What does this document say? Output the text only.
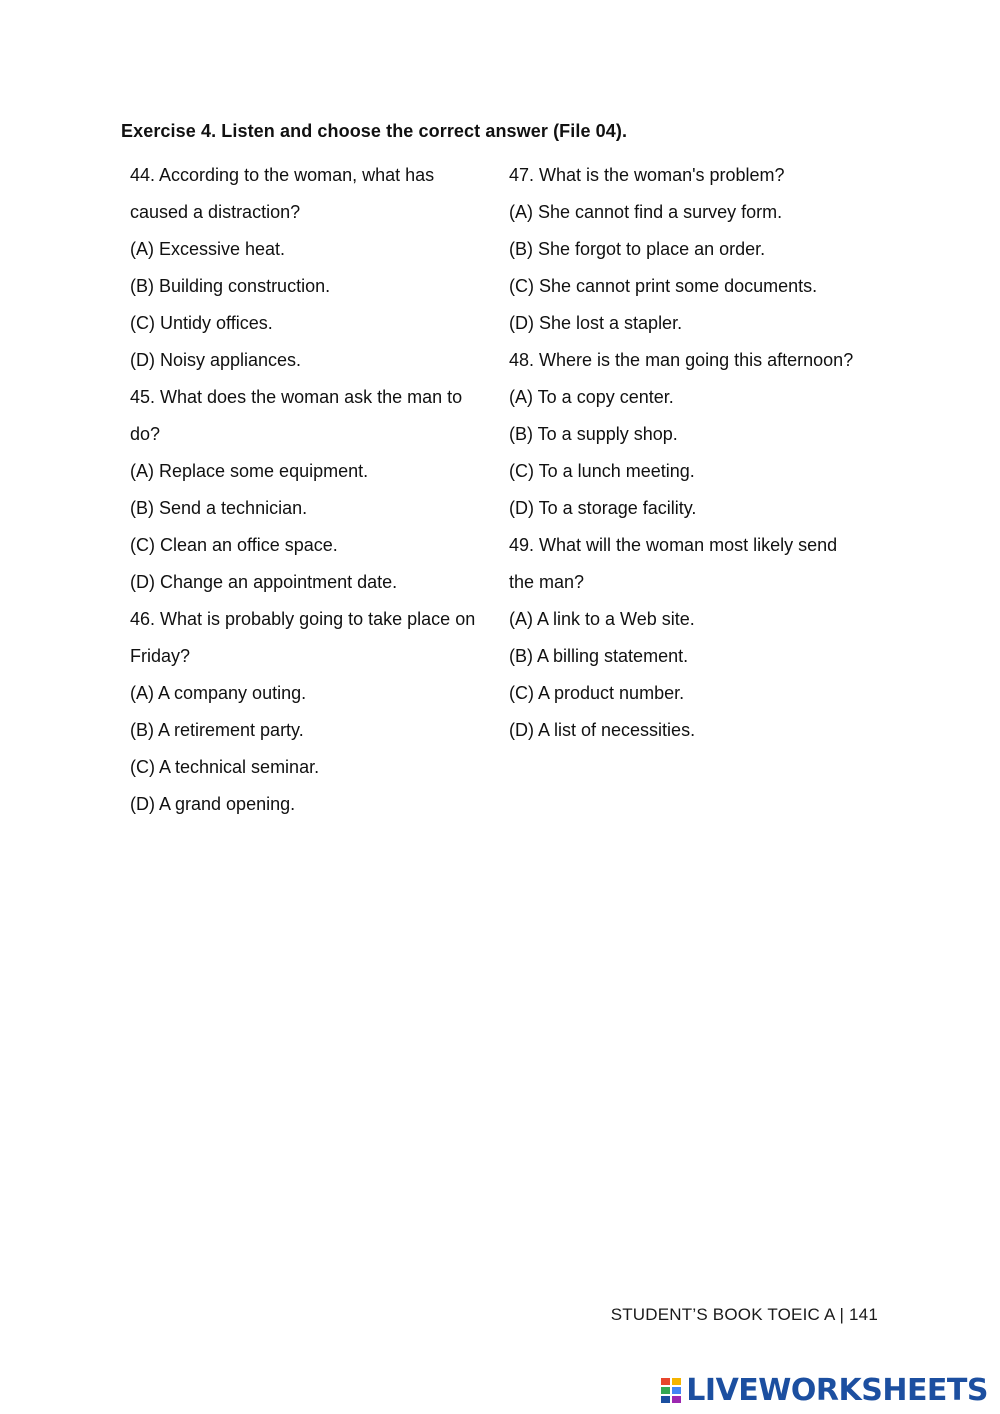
Exercise 4. Listen and choose the correct answer (File 04).
44. According to the woman, what has
caused a distraction?
(A) Excessive heat.
(B) Building construction.
(C) Untidy offices.
(D) Noisy appliances.
45. What does the woman ask the man to
do?
(A) Replace some equipment.
(B) Send a technician.
(C) Clean an office space.
(D) Change an appointment date.
46. What is probably going to take place on
Friday?
(A) A company outing.
(B) A retirement party.
(C) A technical seminar.
(D) A grand opening.
47. What is the woman's problem?
(A) She cannot find a survey form.
(B) She forgot to place an order.
(C) She cannot print some documents.
(D) She lost a stapler.
48. Where is the man going this afternoon?
(A) To a copy center.
(B) To a supply shop.
(C) To a lunch meeting.
(D) To a storage facility.
49. What will the woman most likely send
the man?
(A) A link to a Web site.
(B) A billing statement.
(C) A product number.
(D) A list of necessities.
STUDENT’S BOOK TOEIC A | 141
LIVEWORKSHEETS
